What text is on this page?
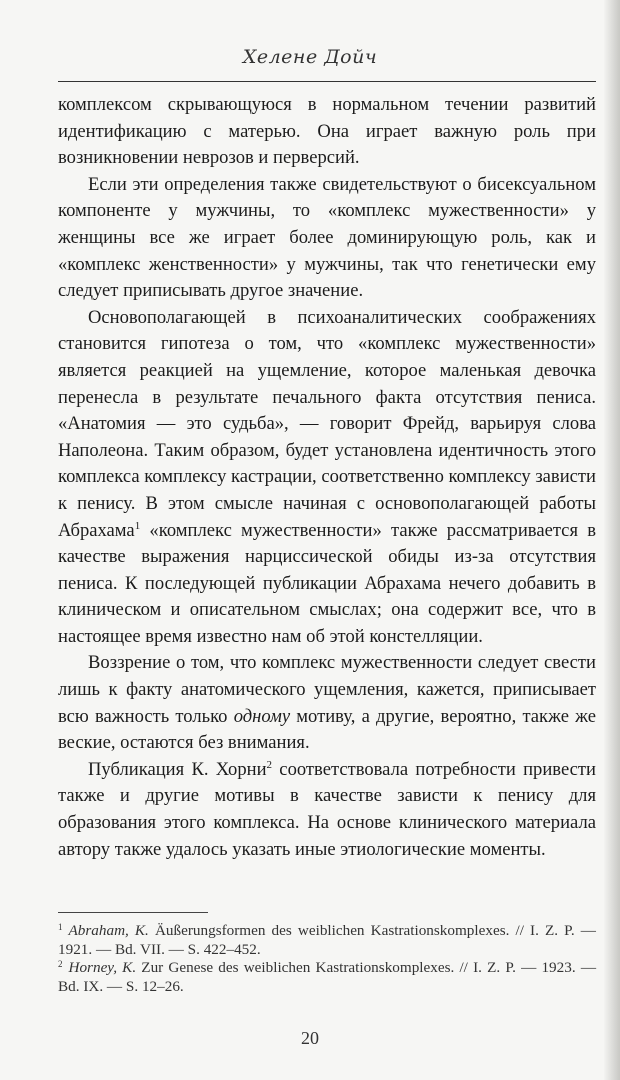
Хелене Дойч

комплексом скрывающуюся в нормальном течении развитий идентификацию с матерью. Она играет важную роль при возникновении неврозов и перверсий.

Если эти определения также свидетельствуют о бисексуальном компоненте у мужчины, то «комплекс мужественности» у женщины все же играет более доминирующую роль, как и «комплекс женственности» у мужчины, так что генетически ему следует приписывать другое значение.

Основополагающей в психоаналитических соображениях становится гипотеза о том, что «комплекс мужественности» является реакцией на ущемление, которое маленькая девочка перенесла в результате печального факта отсутствия пениса. «Анатомия — это судьба», — говорит Фрейд, варьируя слова Наполеона. Таким образом, будет установлена идентичность этого комплекса комплексу кастрации, соответственно комплексу зависти к пенису. В этом смысле начиная с основополагающей работы Абрахама$^1$ «комплекс мужественности» также рассматривается в качестве выражения нарциссической обиды из-за отсутствия пениса. К последующей публикации Абрахама нечего добавить в клиническом и описательном смыслах; она содержит все, что в настоящее время известно нам об этой констелляции.

Воззрение о том, что комплекс мужественности следует свести лишь к факту анатомического ущемления, кажется, приписывает всю важность только одному мотиву, а другие, вероятно, также же веские, остаются без внимания.

Публикация К. Хорни$^2$ соответствовала потребности привести также и другие мотивы в качестве зависти к пенису для образования этого комплекса. На основе клинического материала автору также удалось указать иные этиологические моменты.

$^1$ Abraham, K. Äußerungsformen des weiblichen Kastrationskomplexes. // I. Z. P. — 1921. — Bd. VII. — S. 422–452.

$^2$ Horney, K. Zur Genese des weiblichen Kastrationskomplexes. // I. Z. P. — 1923. — Bd. IX. — S. 12–26.

20
